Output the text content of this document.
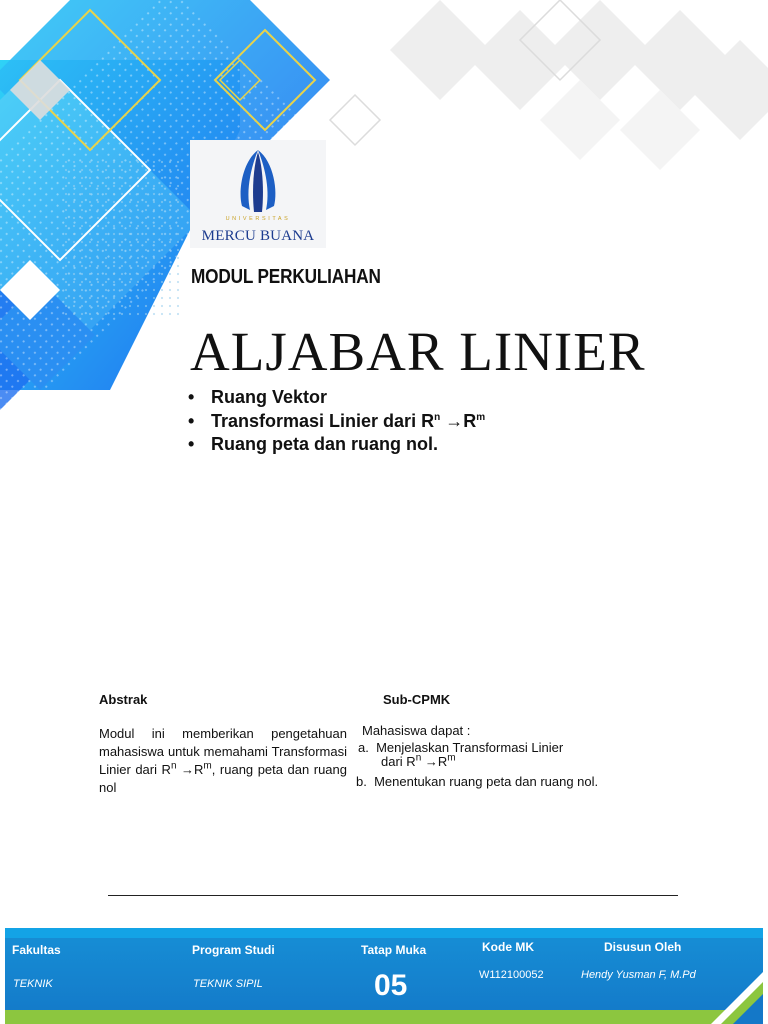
UNIVERSITAS
MERCU BUANA
MODUL PERKULIAHAN
ALJABAR LINIER
• Ruang Vektor
• Transformasi Linier dari $R^n \to R^m$
• Ruang peta dan ruang nol.
Abstrak	Sub-CPMK
Modul ini memberikan pengetahuan mahasiswa untuk memahami Transformasi Linier dari $R^n \to R^m$, ruang peta dan ruang nol
Mahasiswa dapat :
a. Menjelaskan Transformasi Linier
dari $R^n \to R^m$
b. Menentukan ruang peta dan ruang nol.
Fakultas	Program Studi	Tatap Muka	Kode MK	Disusun Oleh
TEKNIK	TEKNIK SIPIL	05	W112100052	Hendy Yusman F, M.Pd
